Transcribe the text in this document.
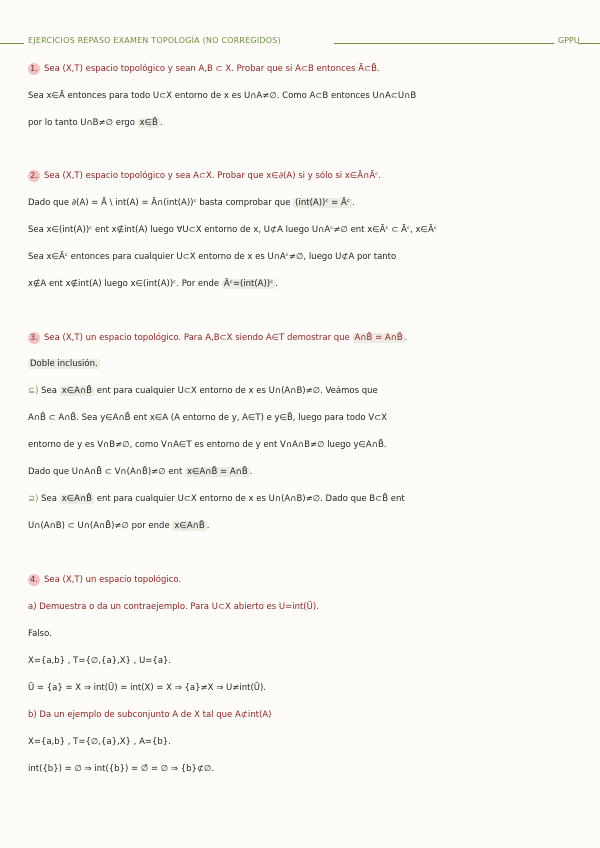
EJERCICIOS REPASO EXAMEN TOPOLOGÍA (NO CORREGIDOS)	GPPU
1. Sea (X,T) espacio topológico y sean A,B ⊂ X. Probar que si A⊂B entonces Ā⊂B̄.
Sea x∈Ā entonces para todo U⊂X entorno de x es U∩A≠∅. Como A⊂B entonces U∩A⊂U∩B
por lo tanto U∩B≠∅ ergo x∈B̄ .
2. Sea (X,T) espacio topológico y sea A⊂X. Probar que x∈∂(A) si y sólo si x∈Ā∩Āᶜ.
Dado que ∂(A) = Ā \ int(A) = Ā∩(int(A))ᶜ basta comprobar que (int(A))ᶜ = Āᶜ .
Sea x∈(int(A))ᶜ ent x∉int(A) luego ∀U⊂X entorno de x, U⊄A luego U∩Aᶜ≠∅ ent x∈Āᶜ ⊂ Āᶜ, x∈Āᶜ
Sea x∈Āᶜ entonces para cualquier U⊂X entorno de x es U∩Aᶜ≠∅, luego U⊄A por tanto
x∉A ent x∉int(A) luego x∈(int(A))ᶜ. Por ende Āᶜ=(int(A))ᶜ .
3. Sea (X,T) un espacio topológico. Para A,B⊂X siendo A∈T demostrar que A∩B̄ = A∩B̄ .
Doble inclusión.
⊆) Sea x∈A∩B̄ ent para cualquier U⊂X entorno de x es U∩(A∩B)≠∅. Veámos que
A∩B̄ ⊂ A∩B̄. Sea y∈A∩B̄ ent x∈A (A entorno de y, A∈T) e y∈B̄, luego para todo V⊂X
entorno de y es V∩B≠∅, como V∩A∈T es entorno de y ent V∩A∩B≠∅ luego y∈A∩B̄.
Dado que U∩A∩B̄ ⊂ V∩(A∩B̄)≠∅ ent x∈A∩B̄ = A∩B̄ .
⊇) Sea x∈A∩B̄ ent para cualquier U⊂X entorno de x es U∩(A∩B)≠∅. Dado que B⊂B̄ ent
U∩(A∩B) ⊂ U∩(A∩B̄)≠∅ por ende x∈A∩B̄ .
4. Sea (X,T) un espacio topológico.
a) Demuestra o da un contraejemplo. Para U⊂X abierto es U=int(Ū).
Falso.
X={a,b} , T={∅,{a},X} , U={a}.
Ū = {a} = X ⇒ int(Ū) = int(X) = X ⇒ {a}≠X ⇒ U≠int(Ū).
b) Da un ejemplo de subconjunto A de X tal que A⊄int(A)
X={a,b} , T={∅,{a},X} , A={b}.
int({b}) = ∅ ⇒ int({b}) = ∅̄ = ∅ ⇒ {b}⊄∅.
